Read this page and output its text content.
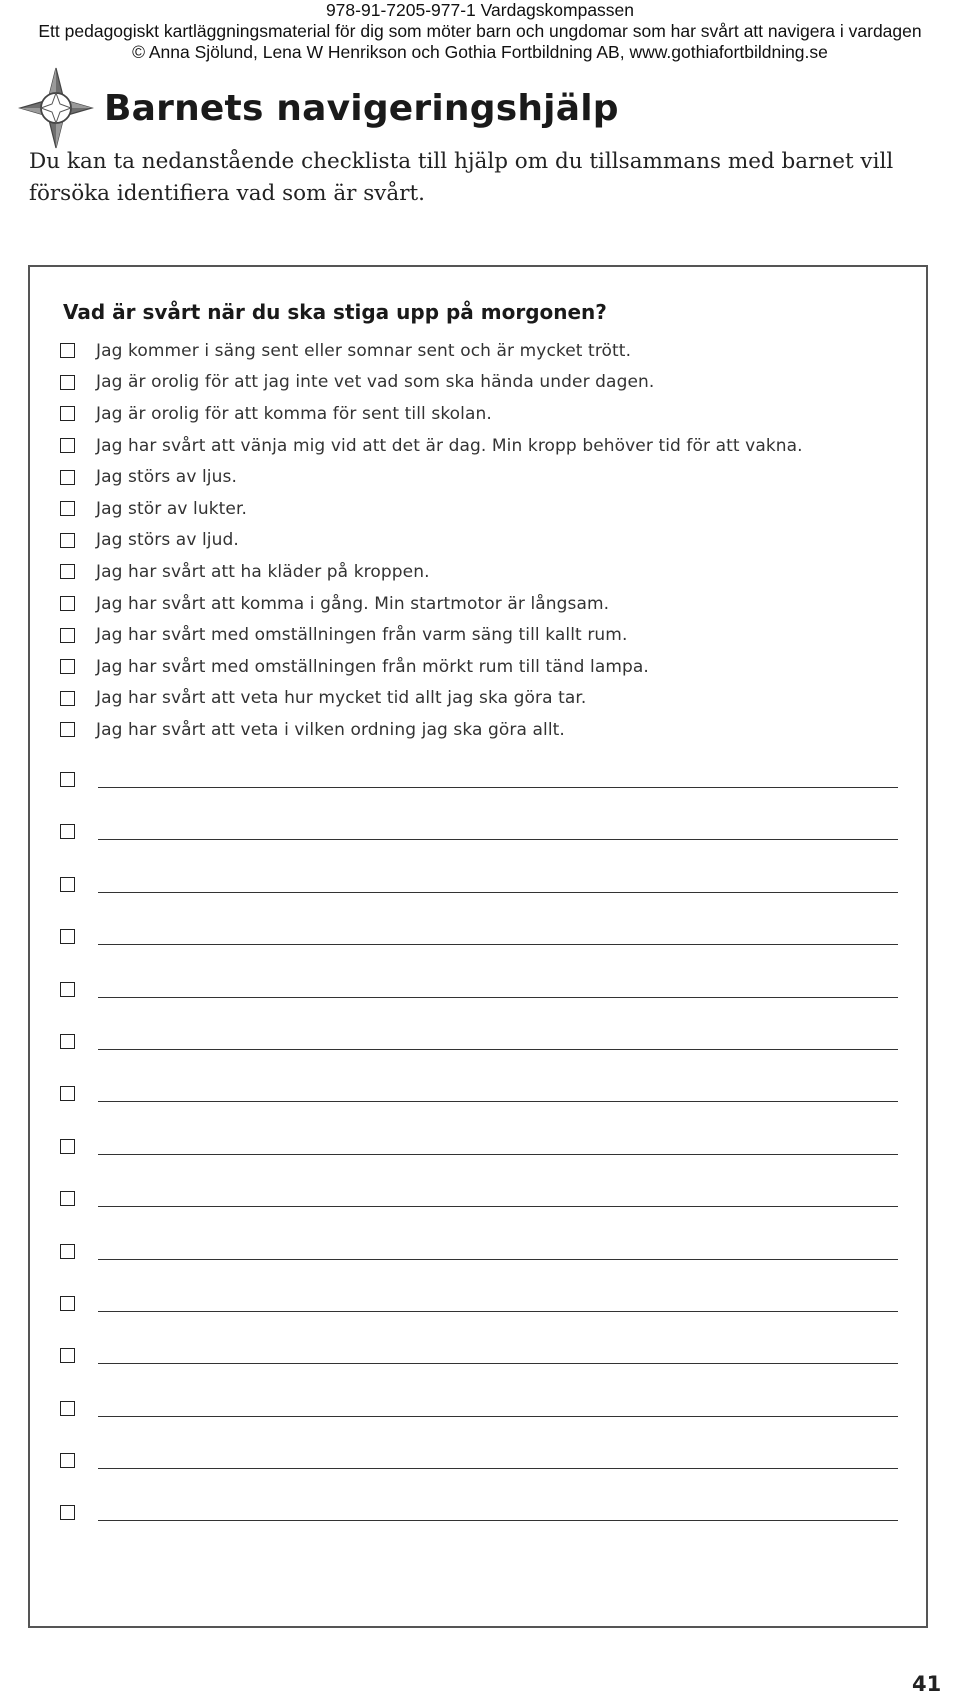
978-91-7205-977-1 Vardagskompassen
Ett pedagogiskt kartläggningsmaterial för dig som möter barn och ungdomar som har svårt att navigera i vardagen
© Anna Sjölund, Lena W Henrikson och Gothia Fortbildning AB, www.gothiafortbildning.se
Barnets navigeringshjälp
Du kan ta nedanstående checklista till hjälp om du tillsammans med barnet vill försöka identifiera vad som är svårt.
Vad är svårt när du ska stiga upp på morgonen?
Jag kommer i säng sent eller somnar sent och är mycket trött.
Jag är orolig för att jag inte vet vad som ska hända under dagen.
Jag är orolig för att komma för sent till skolan.
Jag har svårt att vänja mig vid att det är dag. Min kropp behöver tid för att vakna.
Jag störs av ljus.
Jag stör av lukter.
Jag störs av ljud.
Jag har svårt att ha kläder på kroppen.
Jag har svårt att komma i gång. Min startmotor är långsam.
Jag har svårt med omställningen från varm säng till kallt rum.
Jag har svårt med omställningen från mörkt rum till tänd lampa.
Jag har svårt att veta hur mycket tid allt jag ska göra tar.
Jag har svårt att veta i vilken ordning jag ska göra allt.
41
